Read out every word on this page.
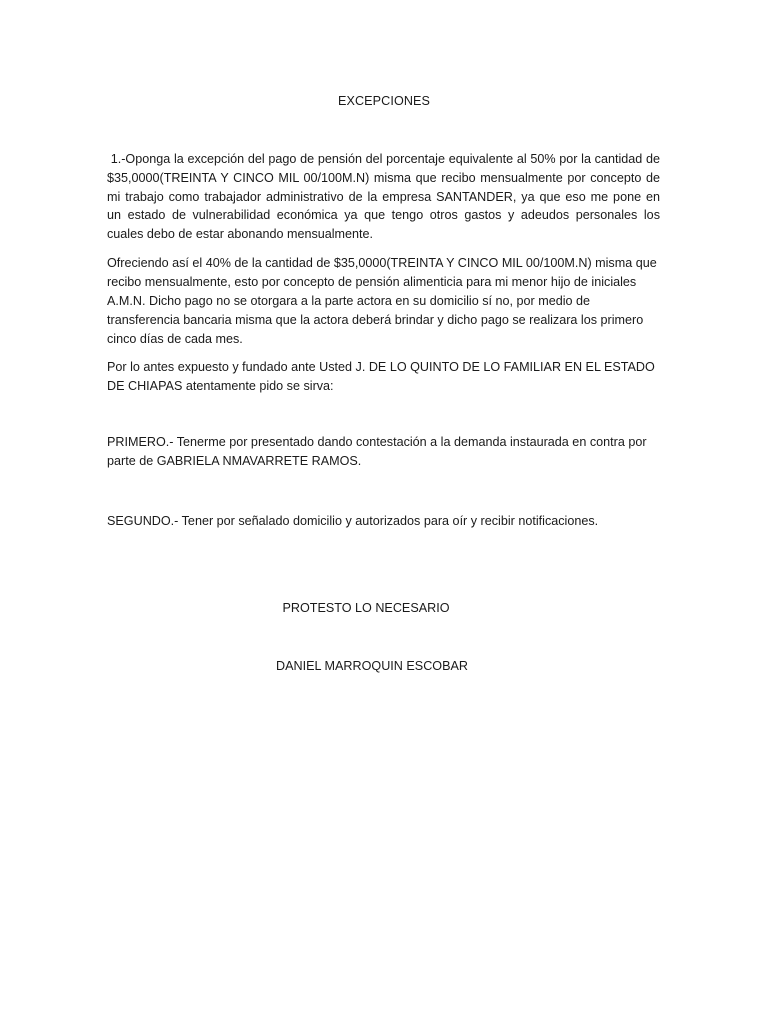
EXCEPCIONES

1.-Oponga la excepción del pago de pensión del porcentaje equivalente al 50% por la cantidad de $35,0000(TREINTA Y CINCO MIL 00/100M.N) misma que recibo mensualmente por concepto de mi trabajo como trabajador administrativo de la empresa SANTANDER, ya que eso me pone en  un estado de vulnerabilidad económica ya que tengo otros gastos y adeudos personales los cuales debo de estar abonando mensualmente.

Ofreciendo así el 40% de la cantidad de $35,0000(TREINTA Y CINCO MIL 00/100M.N) misma que recibo mensualmente, esto por concepto de pensión alimenticia para mi menor hijo de iniciales A.M.N. Dicho pago no se otorgara a la parte actora en su domicilio sí no, por medio de transferencia bancaria misma que la actora deberá brindar y dicho pago se realizara los primero cinco días de cada mes.

Por lo antes expuesto y fundado ante Usted J. DE LO QUINTO DE LO FAMILIAR EN EL ESTADO DE CHIAPAS atentamente pido se sirva:

PRIMERO.- Tenerme por presentado dando contestación a la demanda instaurada en contra por parte de GABRIELA NMAVARRETE RAMOS.

SEGUNDO.- Tener por señalado domicilio y autorizados para oír y recibir notificaciones.

PROTESTO LO NECESARIO
DANIEL MARROQUIN ESCOBAR
